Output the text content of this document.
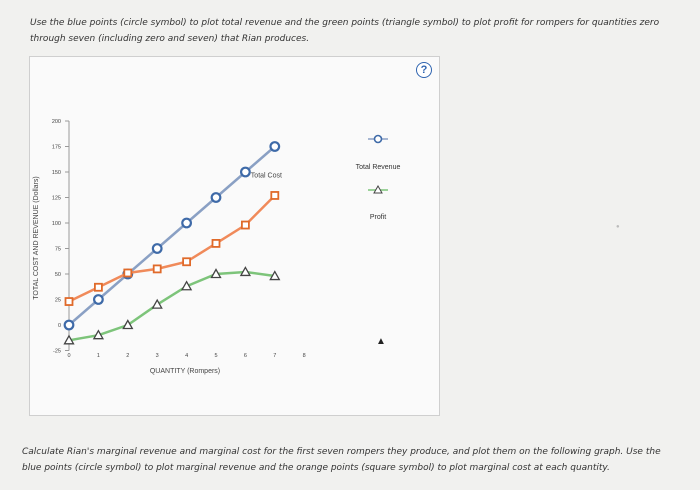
Use the blue points (circle symbol) to plot total revenue and the green points (triangle symbol) to plot profit for rompers for quantities zero through seven (including zero and seven) that Rian produces.
?
-25
0
25
50
75
100
125
150
175
200
0	1	2	3	4	5	6	7	8
QUANTITY (Rompers)
TOTAL COST AND REVENUE (Dollars)
Total Cost
Total Revenue
Profit
▲
●
Calculate Rian's marginal revenue and marginal cost for the first seven rompers they produce, and plot them on the following graph. Use the blue points (circle symbol) to plot marginal revenue and the orange points (square symbol) to plot marginal cost at each quantity.
